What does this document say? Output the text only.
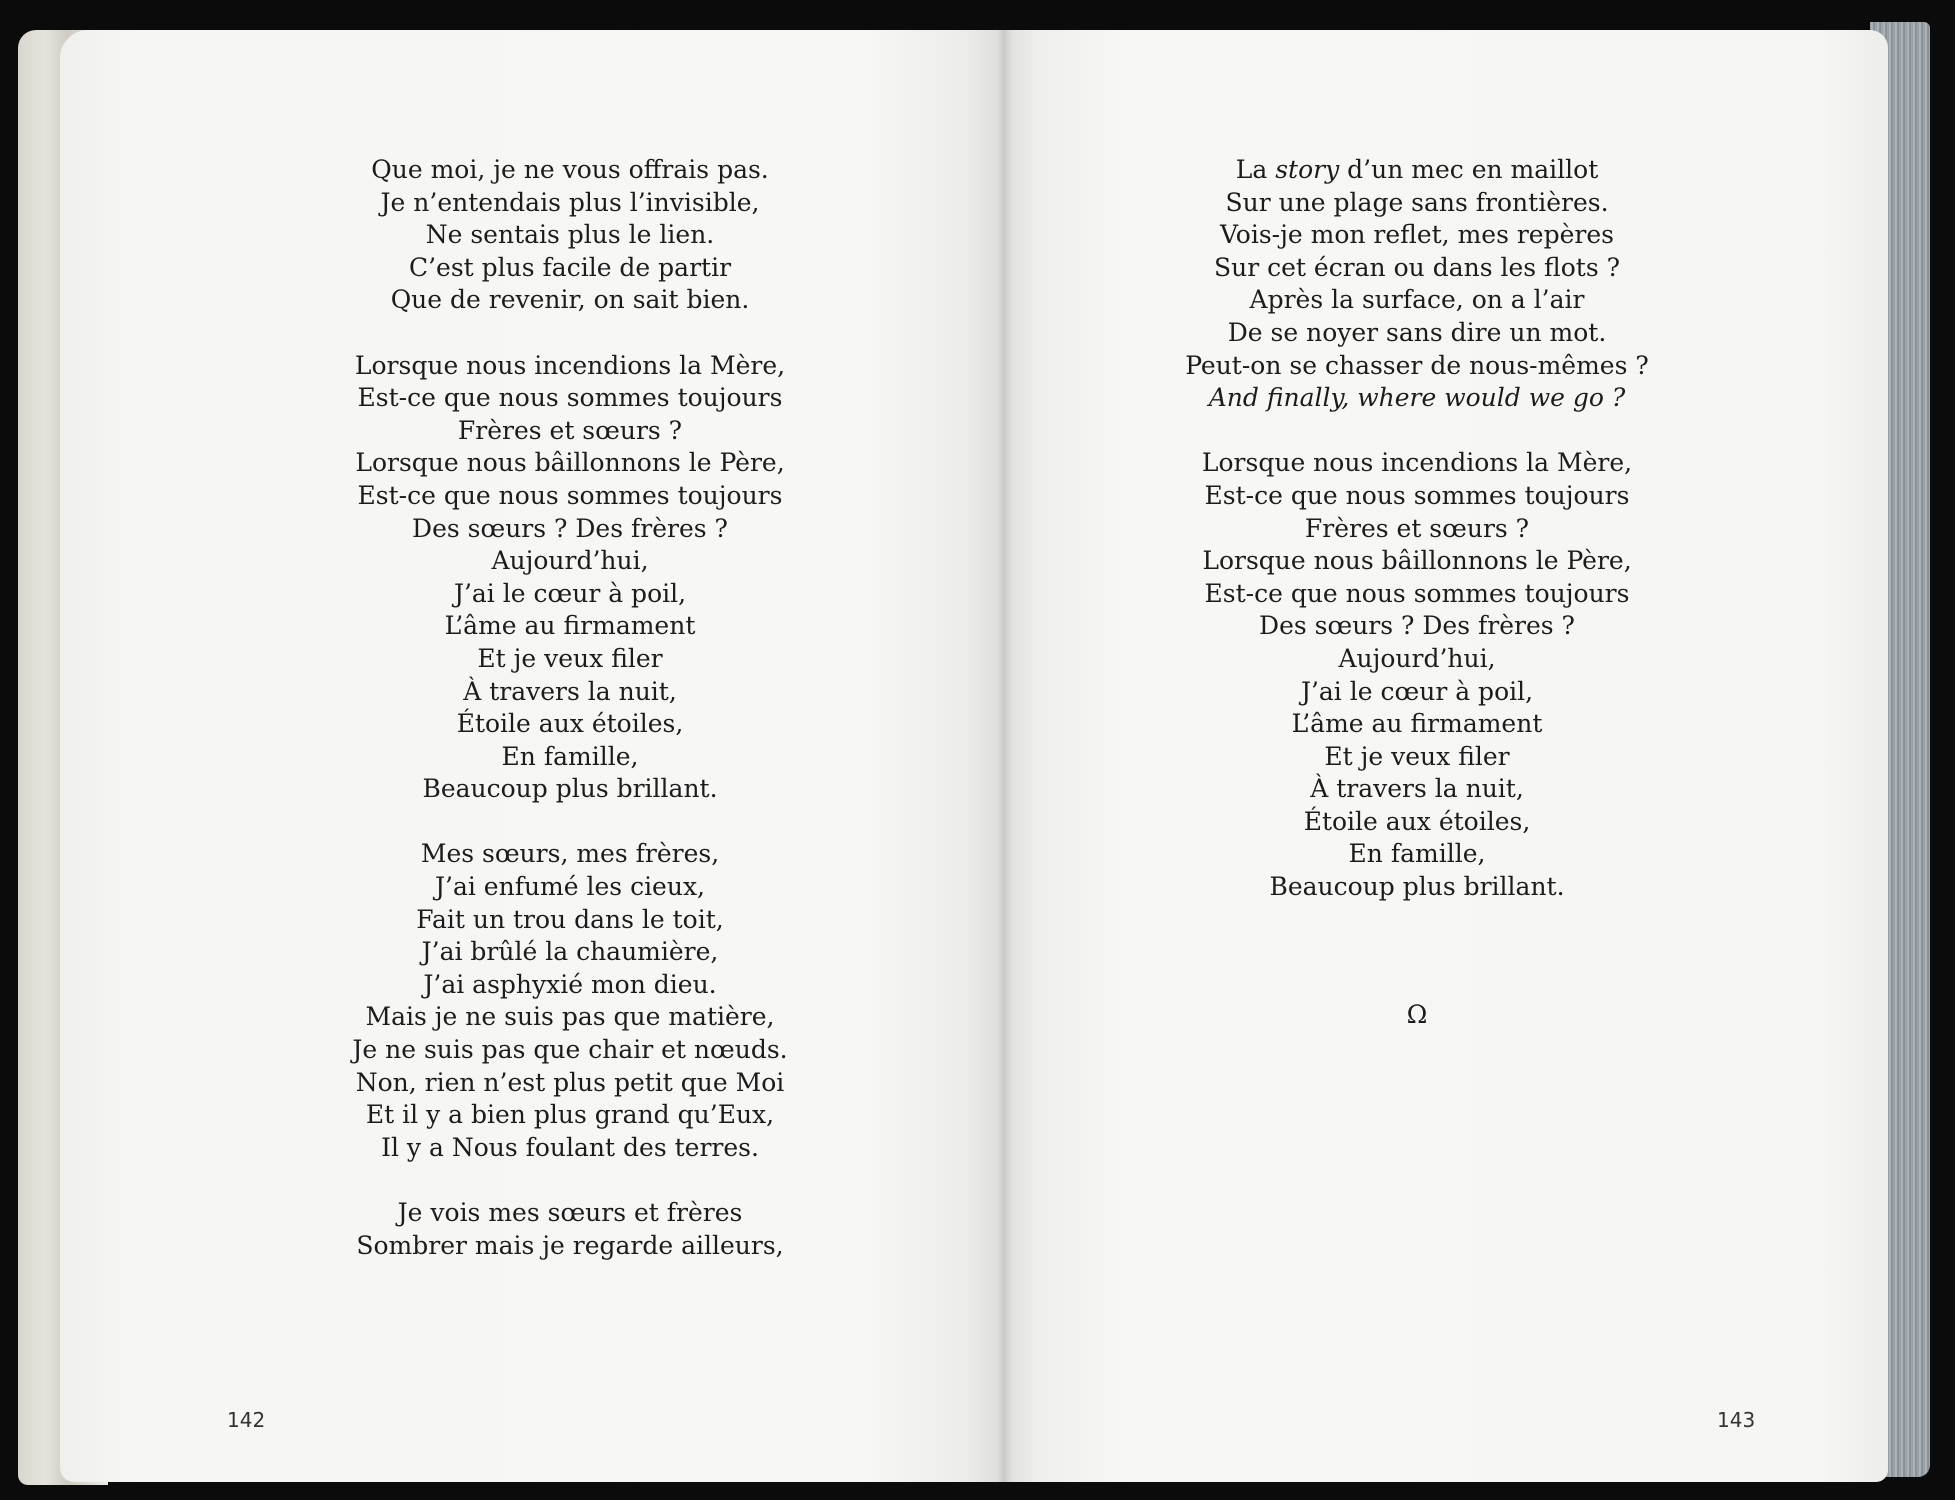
Que moi, je ne vous offrais pas.
Je n’entendais plus l’invisible,
Ne sentais plus le lien.
C’est plus facile de partir
Que de revenir, on sait bien.
Lorsque nous incendions la Mère,
Est-ce que nous sommes toujours
Frères et sœurs ?
Lorsque nous bâillonnons le Père,
Est-ce que nous sommes toujours
Des sœurs ? Des frères ?
Aujourd’hui,
J’ai le cœur à poil,
L’âme au firmament
Et je veux filer
À travers la nuit,
Étoile aux étoiles,
En famille,
Beaucoup plus brillant.
Mes sœurs, mes frères,
J’ai enfumé les cieux,
Fait un trou dans le toit,
J’ai brûlé la chaumière,
J’ai asphyxié mon dieu.
Mais je ne suis pas que matière,
Je ne suis pas que chair et nœuds.
Non, rien n’est plus petit que Moi
Et il y a bien plus grand qu’Eux,
Il y a Nous foulant des terres.
Je vois mes sœurs et frères
Sombrer mais je regarde ailleurs,
La story d’un mec en maillot
Sur une plage sans frontières.
Vois-je mon reflet, mes repères
Sur cet écran ou dans les flots ?
Après la surface, on a l’air
De se noyer sans dire un mot.
Peut-on se chasser de nous-mêmes ?
And finally, where would we go ?
Lorsque nous incendions la Mère,
Est-ce que nous sommes toujours
Frères et sœurs ?
Lorsque nous bâillonnons le Père,
Est-ce que nous sommes toujours
Des sœurs ? Des frères ?
Aujourd’hui,
J’ai le cœur à poil,
L’âme au firmament
Et je veux filer
À travers la nuit,
Étoile aux étoiles,
En famille,
Beaucoup plus brillant.
Ω
142	143
